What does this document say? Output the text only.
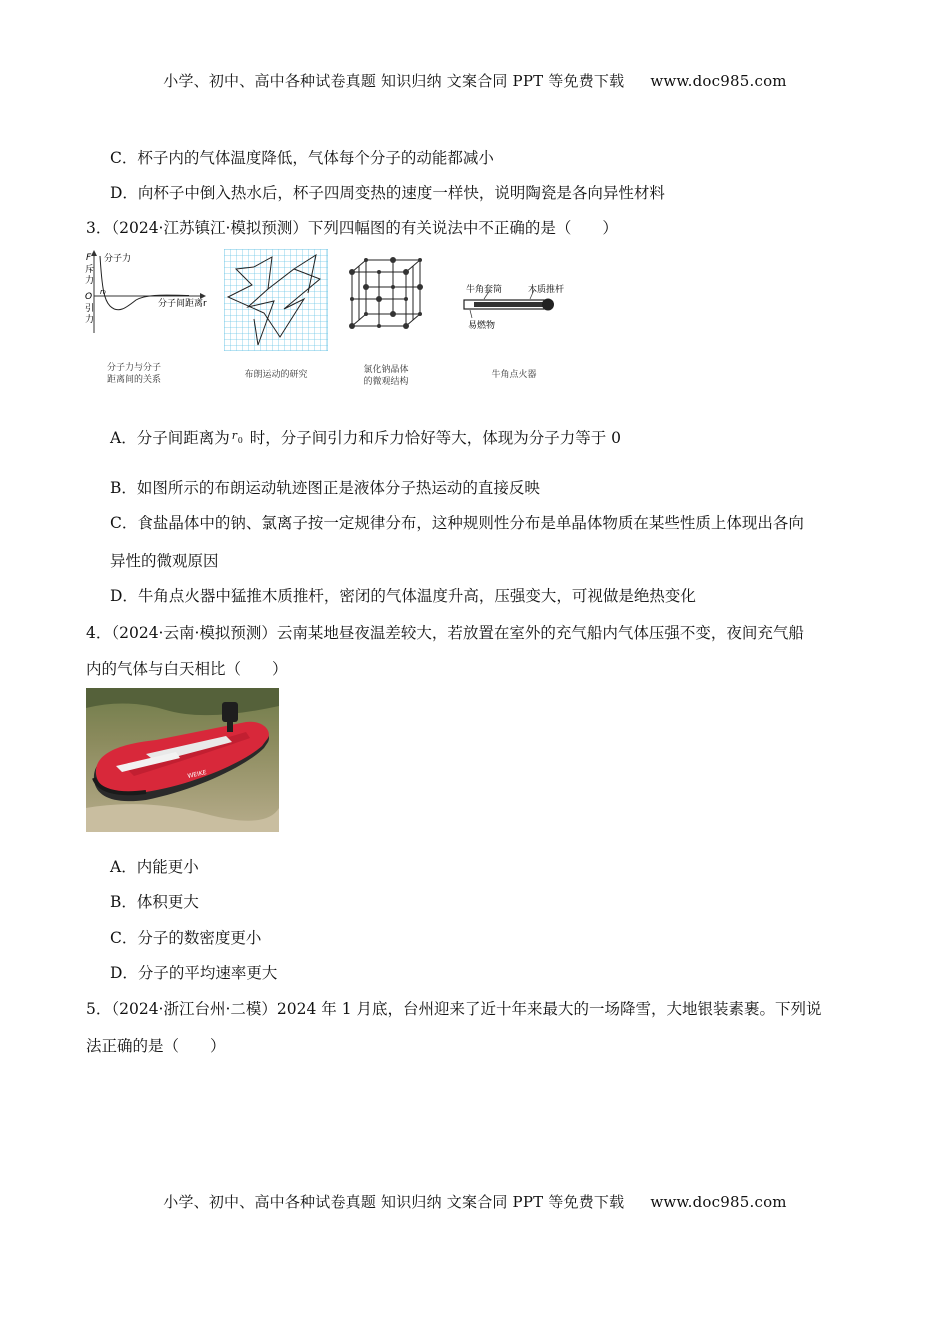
小学、初中、高中各种试卷真题 知识归纳 文案合同 PPT 等免费下载 www.doc985.com
C．杯子内的气体温度降低，气体每个分子的动能都减小
D．向杯子中倒入热水后，杯子四周变热的速度一样快，说明陶瓷是各向异性材料
3．（2024·江苏镇江·模拟预测）下列四幅图的有关说法中不正确的是（　　）
F
斥
力
O
引
力
分子力
r₀
分子间距离r
分子力与分子
距离间的关系	布朗运动的研究	氯化钠晶体
的微观结构
牛角套筒	木质推杆
易燃物
牛角点火器
A．分子间距离为 r 0 时，分子间引力和斥力恰好等大，体现为分子力等于 0
B．如图所示的布朗运动轨迹图正是液体分子热运动的直接反映
C．食盐晶体中的钠、氯离子按一定规律分布，这种规则性分布是单晶体物质在某些性质上体现出各向
异性的微观原因
D．牛角点火器中猛推木质推杆，密闭的气体温度升高，压强变大，可视做是绝热变化
4．（2024·云南·模拟预测）云南某地昼夜温差较大，若放置在室外的充气船内气体压强不变，夜间充气船
内的气体与白天相比（　　）
WEIKE
A．内能更小
B．体积更大
C．分子的数密度更小
D．分子的平均速率更大
5．（2024·浙江台州·二模）2024 年 1 月底，台州迎来了近十年来最大的一场降雪，大地银装素裹。下列说
法正确的是（　　）
小学、初中、高中各种试卷真题 知识归纳 文案合同 PPT 等免费下载 www.doc985.com
